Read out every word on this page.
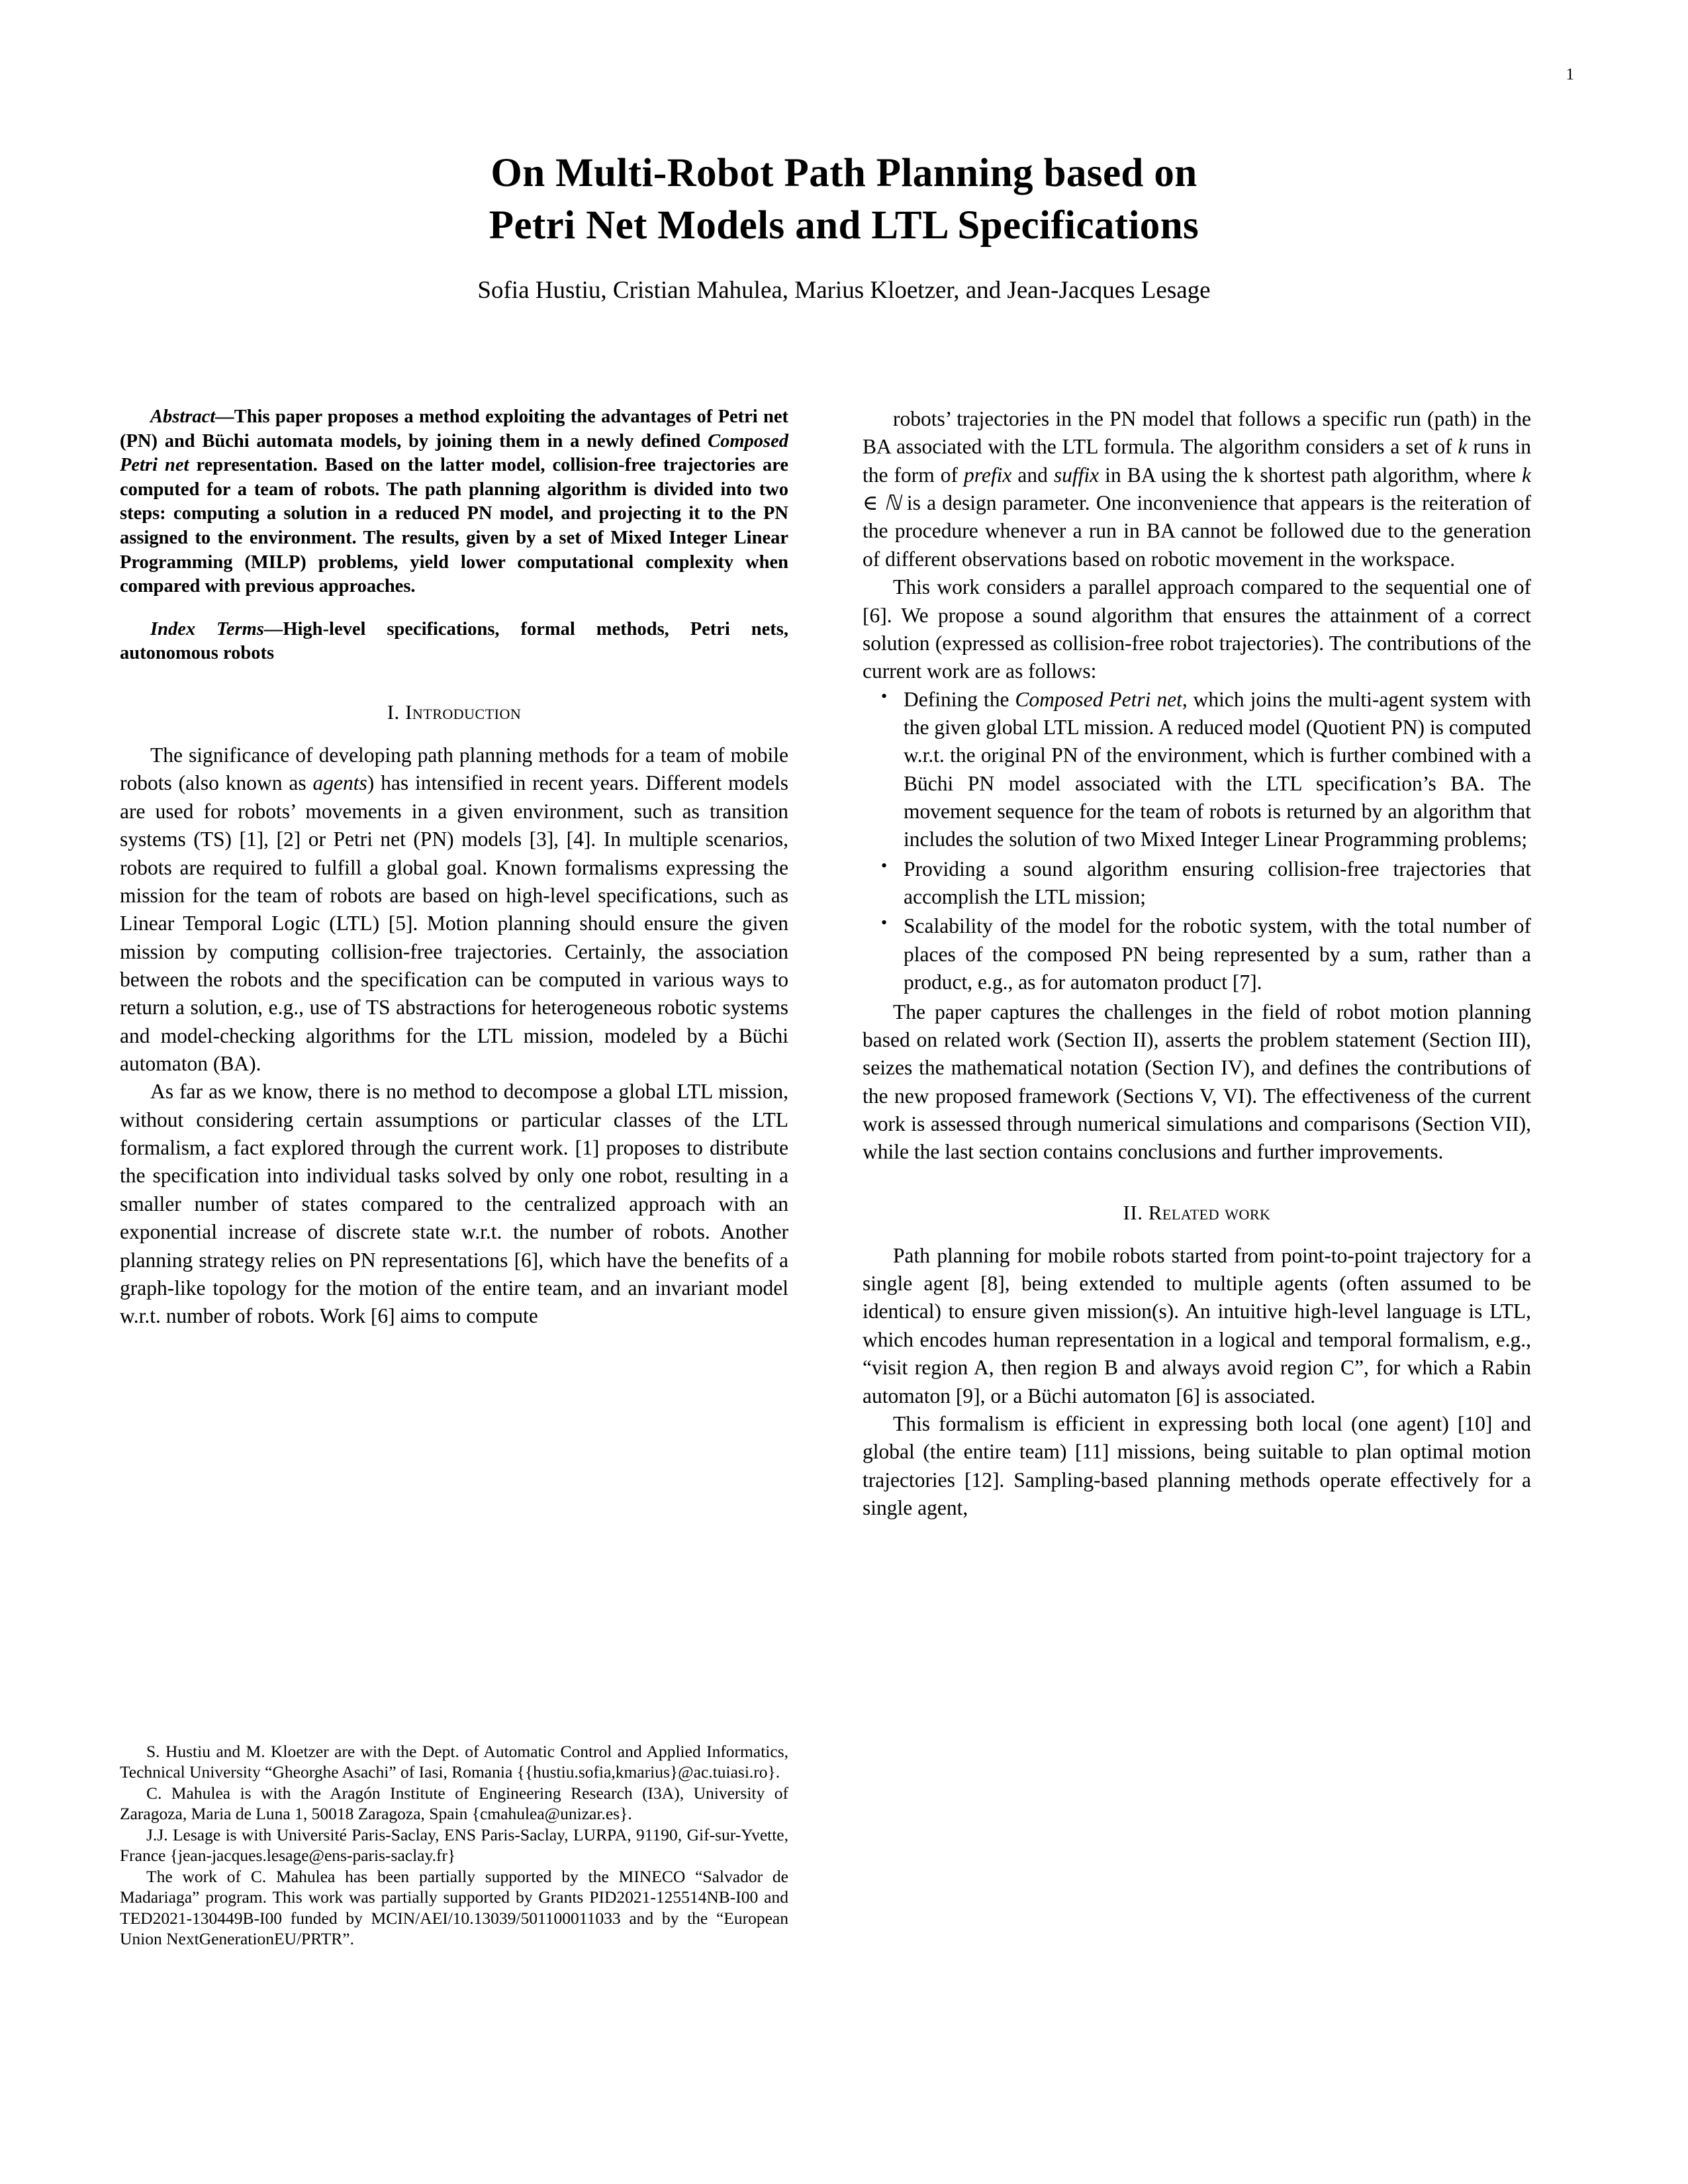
1
On Multi-Robot Path Planning based on
Petri Net Models and LTL Specifications
Sofia Hustiu, Cristian Mahulea, Marius Kloetzer, and Jean-Jacques Lesage

Abstract—This paper proposes a method exploiting the advantages of Petri net (PN) and Büchi automata models, by joining them in a newly defined Composed Petri net representation. Based on the latter model, collision-free trajectories are computed for a team of robots. The path planning algorithm is divided into two steps: computing a solution in a reduced PN model, and projecting it to the PN assigned to the environment. The results, given by a set of Mixed Integer Linear Programming (MILP) problems, yield lower computational complexity when compared with previous approaches.

Index Terms—High-level specifications, formal methods, Petri nets, autonomous robots

I. Introduction

The significance of developing path planning methods for a team of mobile robots (also known as agents) has intensified in recent years. Different models are used for robots’ movements in a given environment, such as transition systems (TS) [1], [2] or Petri net (PN) models [3], [4]. In multiple scenarios, robots are required to fulfill a global goal. Known formalisms expressing the mission for the team of robots are based on high-level specifications, such as Linear Temporal Logic (LTL) [5]. Motion planning should ensure the given mission by computing collision-free trajectories. Certainly, the association between the robots and the specification can be computed in various ways to return a solution, e.g., use of TS abstractions for heterogeneous robotic systems and model-checking algorithms for the LTL mission, modeled by a Büchi automaton (BA).

As far as we know, there is no method to decompose a global LTL mission, without considering certain assumptions or particular classes of the LTL formalism, a fact explored through the current work. [1] proposes to distribute the specification into individual tasks solved by only one robot, resulting in a smaller number of states compared to the centralized approach with an exponential increase of discrete state w.r.t. the number of robots. Another planning strategy relies on PN representations [6], which have the benefits of a graph-like topology for the motion of the entire team, and an invariant model w.r.t. number of robots. Work [6] aims to compute

robots’ trajectories in the PN model that follows a specific run (path) in the BA associated with the LTL formula. The algorithm considers a set of k runs in the form of prefix and suffix in BA using the k shortest path algorithm, where k ∈ ℕ is a design parameter. One inconvenience that appears is the reiteration of the procedure whenever a run in BA cannot be followed due to the generation of different observations based on robotic movement in the workspace.

This work considers a parallel approach compared to the sequential one of [6]. We propose a sound algorithm that ensures the attainment of a correct solution (expressed as collision-free robot trajectories). The contributions of the current work are as follows:

• Defining the Composed Petri net, which joins the multi-agent system with the given global LTL mission. A reduced model (Quotient PN) is computed w.r.t. the original PN of the environment, which is further combined with a Büchi PN model associated with the LTL specification’s BA. The movement sequence for the team of robots is returned by an algorithm that includes the solution of two Mixed Integer Linear Programming problems;
• Providing a sound algorithm ensuring collision-free trajectories that accomplish the LTL mission;
• Scalability of the model for the robotic system, with the total number of places of the composed PN being represented by a sum, rather than a product, e.g., as for automaton product [7].

The paper captures the challenges in the field of robot motion planning based on related work (Section II), asserts the problem statement (Section III), seizes the mathematical notation (Section IV), and defines the contributions of the new proposed framework (Sections V, VI). The effectiveness of the current work is assessed through numerical simulations and comparisons (Section VII), while the last section contains conclusions and further improvements.

II. Related work

Path planning for mobile robots started from point-to-point trajectory for a single agent [8], being extended to multiple agents (often assumed to be identical) to ensure given mission(s). An intuitive high-level language is LTL, which encodes human representation in a logical and temporal formalism, e.g., “visit region A, then region B and always avoid region C”, for which a Rabin automaton [9], or a Büchi automaton [6] is associated.

This formalism is efficient in expressing both local (one agent) [10] and global (the entire team) [11] missions, being suitable to plan optimal motion trajectories [12]. Sampling-based planning methods operate effectively for a single agent,

S. Hustiu and M. Kloetzer are with the Dept. of Automatic Control and Applied Informatics, Technical University “Gheorghe Asachi” of Iasi, Romania {{hustiu.sofia,kmarius}@ac.tuiasi.ro}.

C. Mahulea is with the Aragón Institute of Engineering Research (I3A), University of Zaragoza, Maria de Luna 1, 50018 Zaragoza, Spain {cmahulea@unizar.es}.

J.J. Lesage is with Université Paris-Saclay, ENS Paris-Saclay, LURPA, 91190, Gif-sur-Yvette, France {jean-jacques.lesage@ens-paris-saclay.fr}

The work of C. Mahulea has been partially supported by the MINECO “Salvador de Madariaga” program. This work was partially supported by Grants PID2021-125514NB-I00 and TED2021-130449B-I00 funded by MCIN/AEI/10.13039/501100011033 and by the “European Union NextGenerationEU/PRTR”.
